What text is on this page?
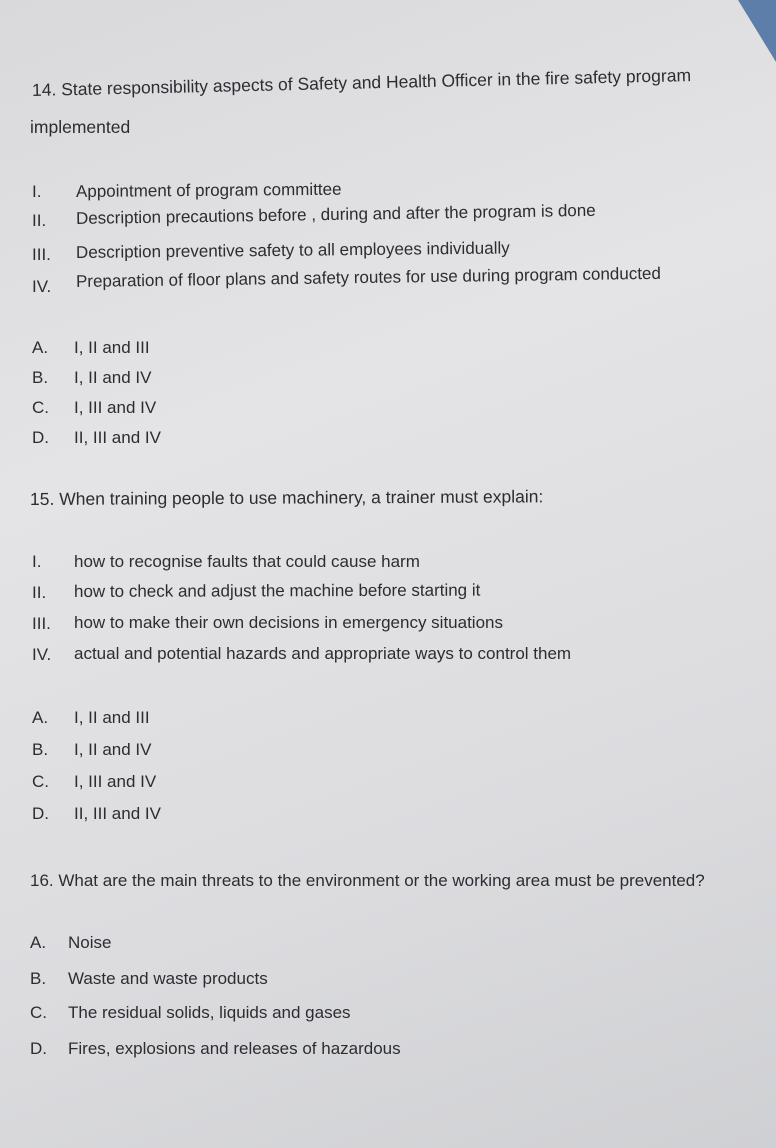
14. State responsibility aspects of Safety and Health Officer in the fire safety program
implemented
I. Appointment of program committee
II. Description precautions before , during and after the program is done
III. Description preventive safety to all employees individually
IV. Preparation of floor plans and safety routes for use during program conducted
A. I, II and III
B. I, II and IV
C. I, III and IV
D. II, III and IV
15. When training people to use machinery, a trainer must explain:
I. how to recognise faults that could cause harm
II. how to check and adjust the machine before starting it
III. how to make their own decisions in emergency situations
IV. actual and potential hazards and appropriate ways to control them
A. I, II and III
B. I, II and IV
C. I, III and IV
D. II, III and IV
16. What are the main threats to the environment or the working area must be prevented?
A. Noise
B. Waste and waste products
C. The residual solids, liquids and gases
D. Fires, explosions and releases of hazardous
